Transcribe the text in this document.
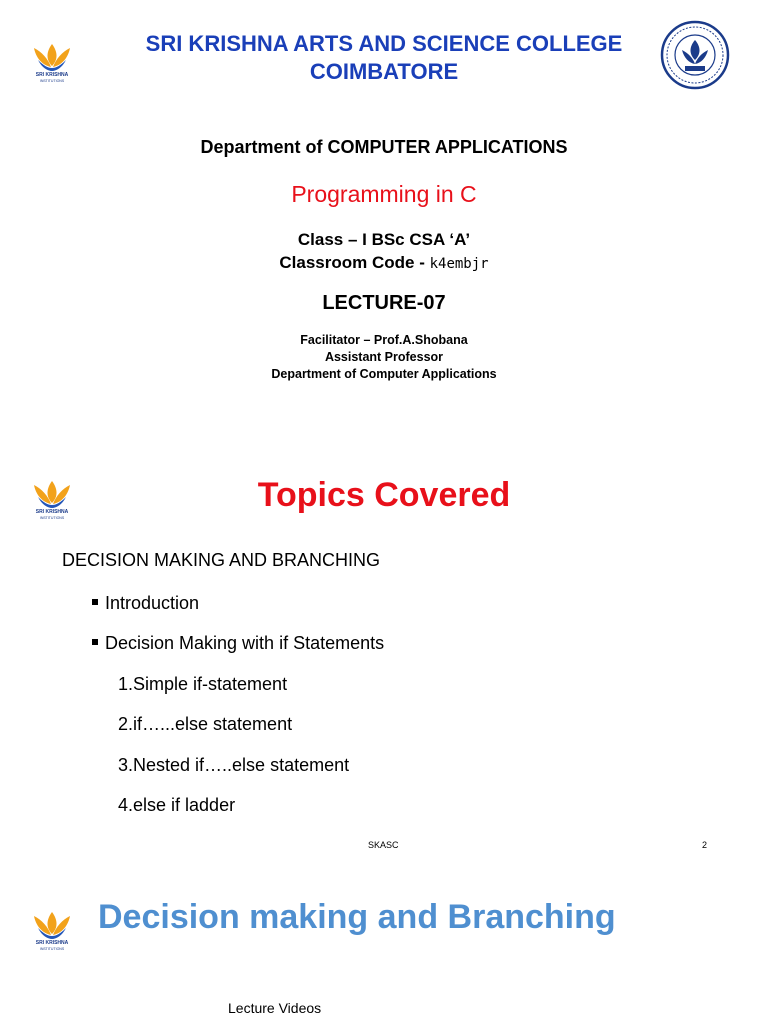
SRI KRISHNA
INSTITUTIONS
SRI KRISHNA ARTS AND SCIENCE COLLEGE
COIMBATORE
Department of COMPUTER APPLICATIONS
Programming in C
Class – I BSc CSA ‘A’
Classroom Code - k4embjr
LECTURE-07
Facilitator – Prof.A.Shobana
Assistant Professor
Department of Computer Applications
SRI KRISHNA
INSTITUTIONS
Topics Covered
DECISION MAKING AND BRANCHING
Introduction
Decision Making with if Statements
1.Simple if-statement
2.if…...else statement
3.Nested if…..else statement
4.else if ladder
SKASC	2
SRI KRISHNA
INSTITUTIONS
Decision making and Branching
Lecture Videos
